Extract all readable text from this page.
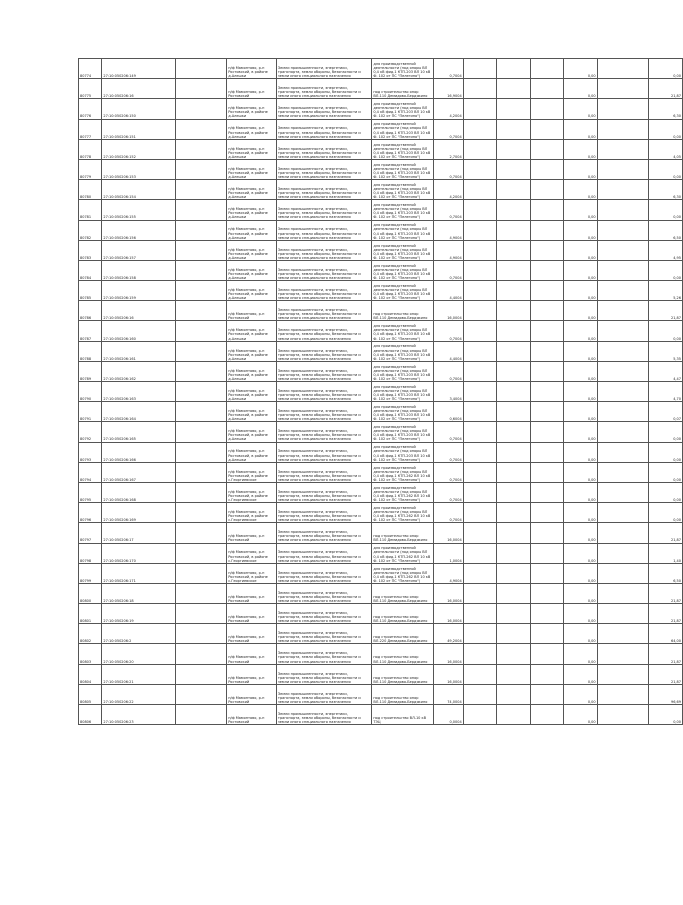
80774	27:10:050206:149		п/ф Мамонтово, р-н Ростовский, в районе д.Алешки	Земли промышленности, энергетики, транспорта, земли обороны, безопасности и земли иного специального назначения	для производственной деятельности (под опоры ВЛ 0,4 кВ фид.1 КТП-203 ВЛ 10 кВ Ф. 102 от ПС "Пелегино")	0,7004				0,00		0,00
80775	27:10:050206:16		п/ф Мамонтово, р-н Ростовский	Земли промышленности, энергетики, транспорта, земли обороны, безопасности и земли иного специального назначения	под строительство опор ВЛ-110 Демидово-Бердякино	16,9004				0,00		21,87
80776	27:10:050206:150		п/ф Мамонтово, р-н Ростовский, в районе д.Алешки	Земли промышленности, энергетики, транспорта, земли обороны, безопасности и земли иного специального назначения	для производственной деятельности (под опоры ВЛ 0,4 кВ фид.1 КТП-203 ВЛ 10 кВ Ф. 102 от ПС "Пелегино")	4,2004				0,00		6,30
80777	27:10:050206:151		п/ф Мамонтово, р-н Ростовский, в районе д.Алешки	Земли промышленности, энергетики, транспорта, земли обороны, безопасности и земли иного специального назначения	для производственной деятельности (под опоры ВЛ 0,4 кВ фид.1 КТП-203 ВЛ 10 кВ Ф. 102 от ПС "Пелегино")	0,7004				0,00		0,00
80778	27:10:050206:152		п/ф Мамонтово, р-н Ростовский, в районе д.Алешки	Земли промышленности, энергетики, транспорта, земли обороны, безопасности и земли иного специального назначения	для производственной деятельности (под опоры ВЛ 0,4 кВ фид.1 КТП-203 ВЛ 10 кВ Ф. 102 от ПС "Пелегино")	2,7004				0,00		4,05
80779	27:10:050206:153		п/ф Мамонтово, р-н Ростовский, в районе д.Алешки	Земли промышленности, энергетики, транспорта, земли обороны, безопасности и земли иного специального назначения	для производственной деятельности (под опоры ВЛ 0,4 кВ фид.1 КТП-203 ВЛ 10 кВ Ф. 102 от ПС "Пелегино")	0,7004				0,00		0,00
80780	27:10:050206:154		п/ф Мамонтово, р-н Ростовский, в районе д.Алешки	Земли промышленности, энергетики, транспорта, земли обороны, безопасности и земли иного специального назначения	для производственной деятельности (под опоры ВЛ 0,4 кВ фид.1 КТП-203 ВЛ 10 кВ Ф. 102 от ПС "Пелегино")	4,2004				0,00		6,30
80781	27:10:050206:155		п/ф Мамонтово, р-н Ростовский, в районе д.Алешки	Земли промышленности, энергетики, транспорта, земли обороны, безопасности и земли иного специального назначения	для производственной деятельности (под опоры ВЛ 0,4 кВ фид.1 КТП-203 ВЛ 10 кВ Ф. 102 от ПС "Пелегино")	0,7004				0,00		0,00
80782	27:10:050206:156		п/ф Мамонтово, р-н Ростовский, в районе д.Алешки	Земли промышленности, энергетики, транспорта, земли обороны, безопасности и земли иного специального назначения	для производственной деятельности (под опоры ВЛ 0,4 кВ фид.1 КТП-203 ВЛ 10 кВ Ф. 102 от ПС "Пелегино")	4,9004				0,00		6,50
80783	27:10:050206:157		п/ф Мамонтово, р-н Ростовский, в районе д.Алешки	Земли промышленности, энергетики, транспорта, земли обороны, безопасности и земли иного специального назначения	для производственной деятельности (под опоры ВЛ 0,4 кВ фид.1 КТП-203 ВЛ 10 кВ Ф. 102 от ПС "Пелегино")	4,9004				0,00		4,95
80784	27:10:050206:158		п/ф Мамонтово, р-н Ростовский, в районе д.Алешки	Земли промышленности, энергетики, транспорта, земли обороны, безопасности и земли иного специального назначения	для производственной деятельности (под опоры ВЛ 0,4 кВ фид.1 КТП-203 ВЛ 10 кВ Ф. 102 от ПС "Пелегино")	0,7004				0,00		0,00
80785	27:10:050206:159		п/ф Мамонтово, р-н Ростовский, в районе д.Алешки	Земли промышленности, энергетики, транспорта, земли обороны, безопасности и земли иного специального назначения	для производственной деятельности (под опоры ВЛ 0,4 кВ фид.1 КТП-203 ВЛ 10 кВ Ф. 102 от ПС "Пелегино")	4,4004				0,00		5,26
80786	27:10:050206:16		п/ф Мамонтово, р-н Ростовский	Земли промышленности, энергетики, транспорта, земли обороны, безопасности и земли иного специального назначения	под строительство опор ВЛ-110 Демидово-Бердякино	16,0004				0,00		21,87
80787	27:10:050206:160		п/ф Мамонтово, р-н Ростовский, в районе д.Алешки	Земли промышленности, энергетики, транспорта, земли обороны, безопасности и земли иного специального назначения	для производственной деятельности (под опоры ВЛ 0,4 кВ фид.1 КТП-203 ВЛ 10 кВ Ф. 102 от ПС "Пелегино")	0,7004				0,00		0,00
80788	27:10:050206:161		п/ф Мамонтово, р-н Ростовский, в районе д.Алешки	Земли промышленности, энергетики, транспорта, земли обороны, безопасности и земли иного специального назначения	для производственной деятельности (под опоры ВЛ 0,4 кВ фид.1 КТП-203 ВЛ 10 кВ Ф. 102 от ПС "Пелегино")	4,4004				0,00		5,35
80789	27:10:050206:162		п/ф Мамонтово, р-н Ростовский, в районе д.Алешки	Земли промышленности, энергетики, транспорта, земли обороны, безопасности и земли иного специального назначения	для производственной деятельности (под опоры ВЛ 0,4 кВ фид.1 КТП-203 ВЛ 10 кВ Ф. 102 от ПС "Пелегино")	0,7004				0,00		4,47
80790	27:10:050206:163		п/ф Мамонтово, р-н Ростовский, в районе д.Алешки	Земли промышленности, энергетики, транспорта, земли обороны, безопасности и земли иного специального назначения	для производственной деятельности (под опоры ВЛ 0,4 кВ фид.1 КТП-203 ВЛ 10 кВ Ф. 102 от ПС "Пелегино")	3,4004				0,00		4,70
80791	27:10:050206:164		п/ф Мамонтово, р-н Ростовский, в районе д.Алешки	Земли промышленности, энергетики, транспорта, земли обороны, безопасности и земли иного специального назначения	для производственной деятельности (под опоры ВЛ 0,4 кВ фид.1 КТП-203 ВЛ 10 кВ Ф. 102 от ПС "Пелегино")	0,6004				0,00		0,07
80792	27:10:050206:165		п/ф Мамонтово, р-н Ростовский, в районе д.Алешки	Земли промышленности, энергетики, транспорта, земли обороны, безопасности и земли иного специального назначения	для производственной деятельности (под опоры ВЛ 0,4 кВ фид.1 КТП-203 ВЛ 10 кВ Ф. 102 от ПС "Пелегино")	0,7004				0,00		0,00
80793	27:10:050206:166		п/ф Мамонтово, р-н Ростовский, в районе д.Алешки	Земли промышленности, энергетики, транспорта, земли обороны, безопасности и земли иного специального назначения	для производственной деятельности (под опоры ВЛ 0,4 кВ фид.1 КТП-203 ВЛ 10 кВ Ф. 102 от ПС "Пелегино")	0,7004				0,00		0,00
80794	27:10:050206:167		п/ф Мамонтово, р-н Ростовский, в районе с.Георгиевское	Земли промышленности, энергетики, транспорта, земли обороны, безопасности и земли иного специального назначения	для производственной деятельности (под опоры ВЛ 0,4 кВ фид.1 КТП-262 ВЛ 10 кВ Ф. 102 от ПС "Пелегино")	0,7004				0,00		0,00
80795	27:10:050206:168		п/ф Мамонтово, р-н Ростовский, в районе с.Георгиевское	Земли промышленности, энергетики, транспорта, земли обороны, безопасности и земли иного специального назначения	для производственной деятельности (под опоры ВЛ 0,4 кВ фид.1 КТП-262 ВЛ 10 кВ Ф. 102 от ПС "Пелегино")	0,7004				0,00		0,00
80796	27:10:050206:169		п/ф Мамонтово, р-н Ростовский, в районе с.Георгиевское	Земли промышленности, энергетики, транспорта, земли обороны, безопасности и земли иного специального назначения	для производственной деятельности (под опоры ВЛ 0,4 кВ фид.1 КТП-262 ВЛ 10 кВ Ф. 102 от ПС "Пелегино")	0,7004				0,00		0,00
80797	27:10:050206:17		п/ф Мамонтово, р-н Ростовский	Земли промышленности, энергетики, транспорта, земли обороны, безопасности и земли иного специального назначения	под строительство опор ВЛ-110 Демидово-Бердякино	16,0004				0,00		21,87
80798	27:10:050206:170		п/ф Мамонтово, р-н Ростовский, в районе с.Георгиевское	Земли промышленности, энергетики, транспорта, земли обороны, безопасности и земли иного специального назначения	для производственной деятельности (под опоры ВЛ 0,4 кВ фид.1 КТП-262 ВЛ 10 кВ Ф. 102 от ПС "Пелегино")	1,0004				0,00		1,40
80799	27:10:050206:171		п/ф Мамонтово, р-н Ростовский, в районе с.Георгиевское	Земли промышленности, энергетики, транспорта, земли обороны, безопасности и земли иного специального назначения	для производственной деятельности (под опоры ВЛ 0,4 кВ фид.1 КТП-262 ВЛ 10 кВ Ф. 102 от ПС "Пелегино")	4,9004				0,00		6,50
80800	27:10:050206:18		п/ф Мамонтово, р-н Ростовский	Земли промышленности, энергетики, транспорта, земли обороны, безопасности и земли иного специального назначения	под строительство опор ВЛ-110 Демидово-Бердякино	16,0004				0,00		21,87
80801	27:10:050206:19		п/ф Мамонтово, р-н Ростовский	Земли промышленности, энергетики, транспорта, земли обороны, безопасности и земли иного специального назначения	под строительство опор ВЛ-110 Демидово-Бердякино	16,0004				0,00		21,87
80802	27:10:050206:2		п/ф Мамонтово, р-н Ростовский	Земли промышленности, энергетики, транспорта, земли обороны, безопасности и земли иного специального назначения	под строительство опор ВЛ-220 Демидово-Бердякино	49,2004				0,00		64,00
80803	27:10:050206:20		п/ф Мамонтово, р-н Ростовский	Земли промышленности, энергетики, транспорта, земли обороны, безопасности и земли иного специального назначения	под строительство опор ВЛ-110 Демидово-Бердякино	16,0004				0,00		21,87
80804	27:10:050206:21		п/ф Мамонтово, р-н Ростовский	Земли промышленности, энергетики, транспорта, земли обороны, безопасности и земли иного специального назначения	под строительство опор ВЛ-110 Демидово-Бердякино	16,0004				0,00		21,87
80805	27:10:050206:22		п/ф Мамонтово, р-н Ростовский	Земли промышленности, энергетики, транспорта, земли обороны, безопасности и земли иного специального назначения	под строительство опор ВЛ-110 Демидово-Бердякино	74,0004				0,00		96,69
80806	27:10:050206:23		п/ф Мамонтово, р-н Ростовский	Земли промышленности, энергетики, транспорта, земли обороны, безопасности и земли иного специального назначения	под строительство ВЛ-10 кВ ТЭЦ	0,0004				0,00		0,00
